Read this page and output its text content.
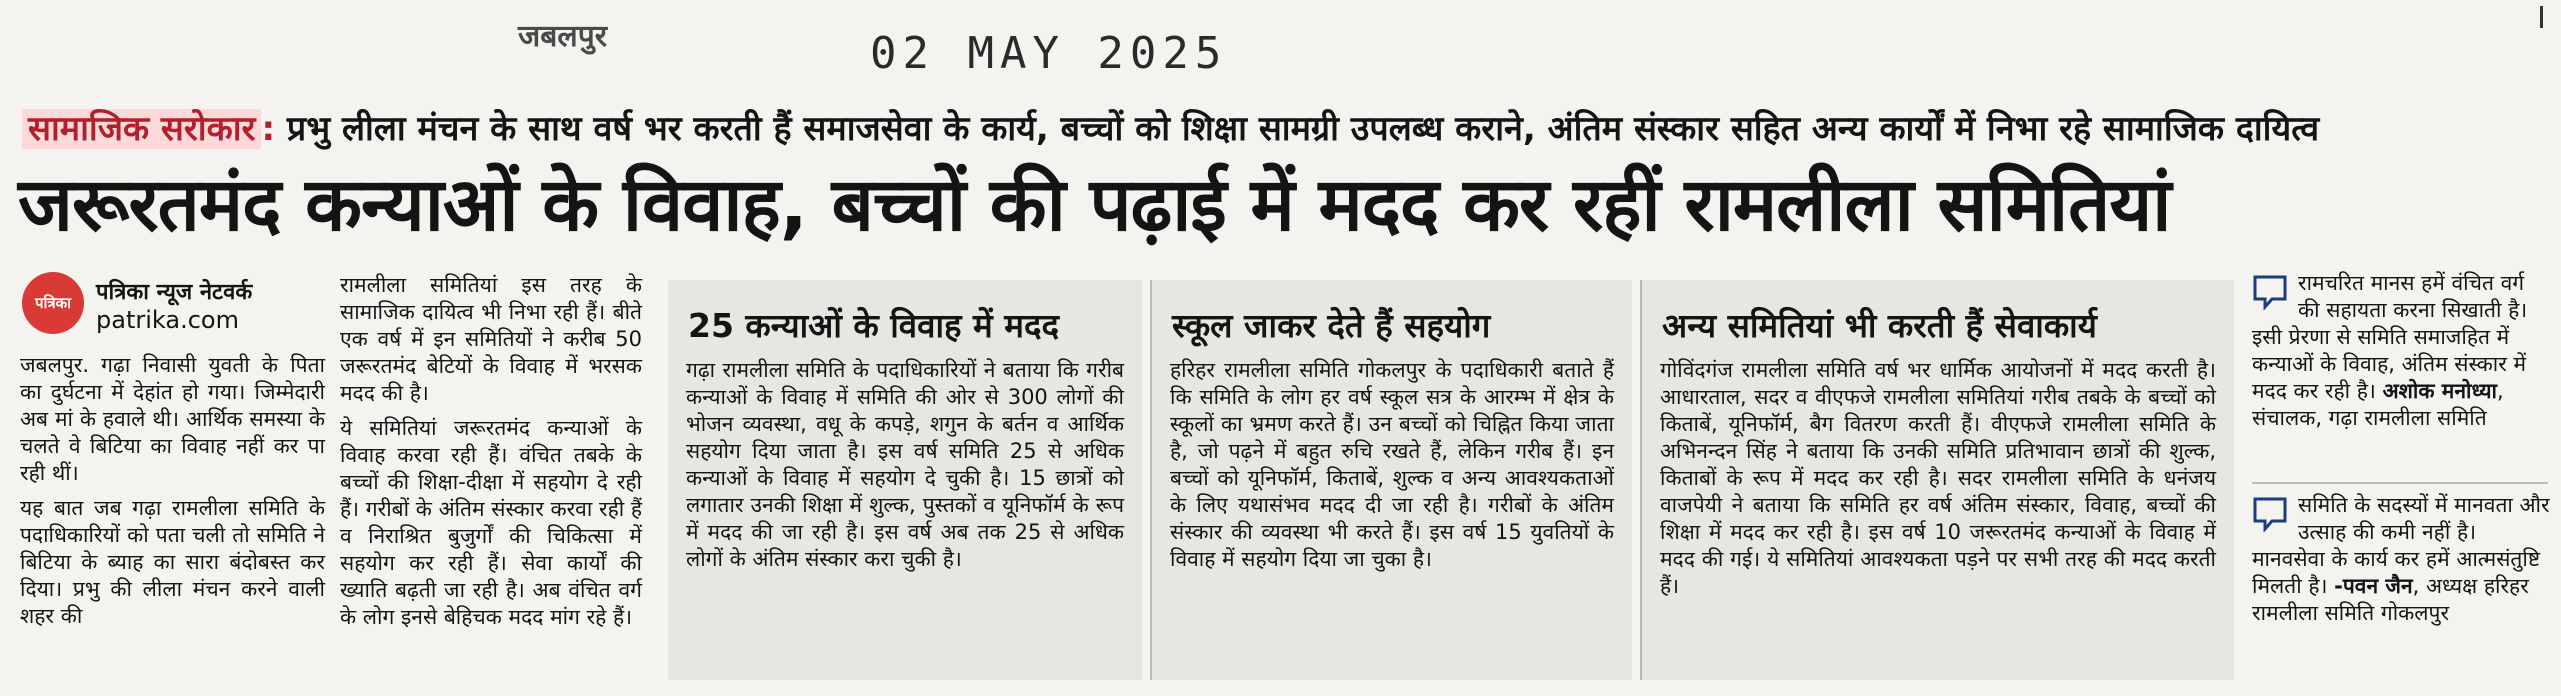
जबलपुर	02 MAY 2025
सामाजिक सरोकार : प्रभु लीला मंचन के साथ वर्ष भर करती हैं समाजसेवा के कार्य, बच्चों को शिक्षा सामग्री उपलब्ध कराने, अंतिम संस्कार सहित अन्य कार्यों में निभा रहे सामाजिक दायित्व
जरूरतमंद कन्याओं के विवाह, बच्चों की पढ़ाई में मदद कर रहीं रामलीला समितियां
पत्रिका पत्रिका न्यूज नेटवर्क
patrika.com

जबलपुर. गढ़ा निवासी युवती के पिता का दुर्घटना में देहांत हो गया। जिम्मेदारी अब मां के हवाले थी। आर्थिक समस्या के चलते वे बिटिया का विवाह नहीं कर पा रही थीं।

यह बात जब गढ़ा रामलीला समिति के पदाधिकारियों को पता चली तो समिति ने बिटिया के ब्याह का सारा बंदोबस्त कर दिया। प्रभु की लीला मंचन करने वाली शहर की

रामलीला समितियां इस तरह के सामाजिक दायित्व भी निभा रही हैं। बीते एक वर्ष में इन समितियों ने करीब 50 जरूरतमंद बेटियों के विवाह में भरसक मदद की है।

ये समितियां जरूरतमंद कन्याओं के विवाह करवा रही हैं। वंचित तबके के बच्चों की शिक्षा-दीक्षा में सहयोग दे रही हैं। गरीबों के अंतिम संस्कार करवा रही हैं व निराश्रित बुजुर्गों की चिकित्सा में सहयोग कर रही हैं। सेवा कार्यों की ख्याति बढ़ती जा रही है। अब वंचित वर्ग के लोग इनसे बेहिचक मदद मांग रहे हैं।

25 कन्याओं के विवाह में मदद

गढ़ा रामलीला समिति के पदाधिकारियों ने बताया कि गरीब कन्याओं के विवाह में समिति की ओर से 300 लोगों की भोजन व्यवस्था, वधू के कपड़े, शगुन के बर्तन व आर्थिक सहयोग दिया जाता है। इस वर्ष समिति 25 से अधिक कन्याओं के विवाह में सहयोग दे चुकी है। 15 छात्रों को लगातार उनकी शिक्षा में शुल्क, पुस्तकों व यूनिफॉर्म के रूप में मदद की जा रही है। इस वर्ष अब तक 25 से अधिक लोगों के अंतिम संस्कार करा चुकी है।

स्कूल जाकर देते हैं सहयोग

हरिहर रामलीला समिति गोकलपुर के पदाधिकारी बताते हैं कि समिति के लोग हर वर्ष स्कूल सत्र के आरम्भ में क्षेत्र के स्कूलों का भ्रमण करते हैं। उन बच्चों को चिह्नित किया जाता है, जो पढ़ने में बहुत रुचि रखते हैं, लेकिन गरीब हैं। इन बच्चों को यूनिफॉर्म, किताबें, शुल्क व अन्य आवश्यकताओं के लिए यथासंभव मदद दी जा रही है। गरीबों के अंतिम संस्कार की व्यवस्था भी करते हैं। इस वर्ष 15 युवतियों के विवाह में सहयोग दिया जा चुका है।

अन्य समितियां भी करती हैं सेवाकार्य

गोविंदगंज रामलीला समिति वर्ष भर धार्मिक आयोजनों में मदद करती है। आधारताल, सदर व वीएफजे रामलीला समितियां गरीब तबके के बच्चों को किताबें, यूनिफॉर्म, बैग वितरण करती हैं। वीएफजे रामलीला समिति के अभिनन्दन सिंह ने बताया कि उनकी समिति प्रतिभावान छात्रों की शुल्क, किताबों के रूप में मदद कर रही है। सदर रामलीला समिति के धनंजय वाजपेयी ने बताया कि समिति हर वर्ष अंतिम संस्कार, विवाह, बच्चों की शिक्षा में मदद कर रही है। इस वर्ष 10 जरूरतमंद कन्याओं के विवाह में मदद की गई। ये समितियां आवश्यकता पड़ने पर सभी तरह की मदद करती हैं।

रामचरित मानस हमें वंचित वर्ग की सहायता करना सिखाती है। इसी प्रेरणा से समिति समाजहित में कन्याओं के विवाह, अंतिम संस्कार में मदद कर रही है। अशोक मनोध्या, संचालक, गढ़ा रामलीला समिति
समिति के सदस्यों में मानवता और उत्साह की कमी नहीं है। मानवसेवा के कार्य कर हमें आत्मसंतुष्टि मिलती है। -पवन जैन, अध्यक्ष हरिहर रामलीला समिति गोकलपुर
